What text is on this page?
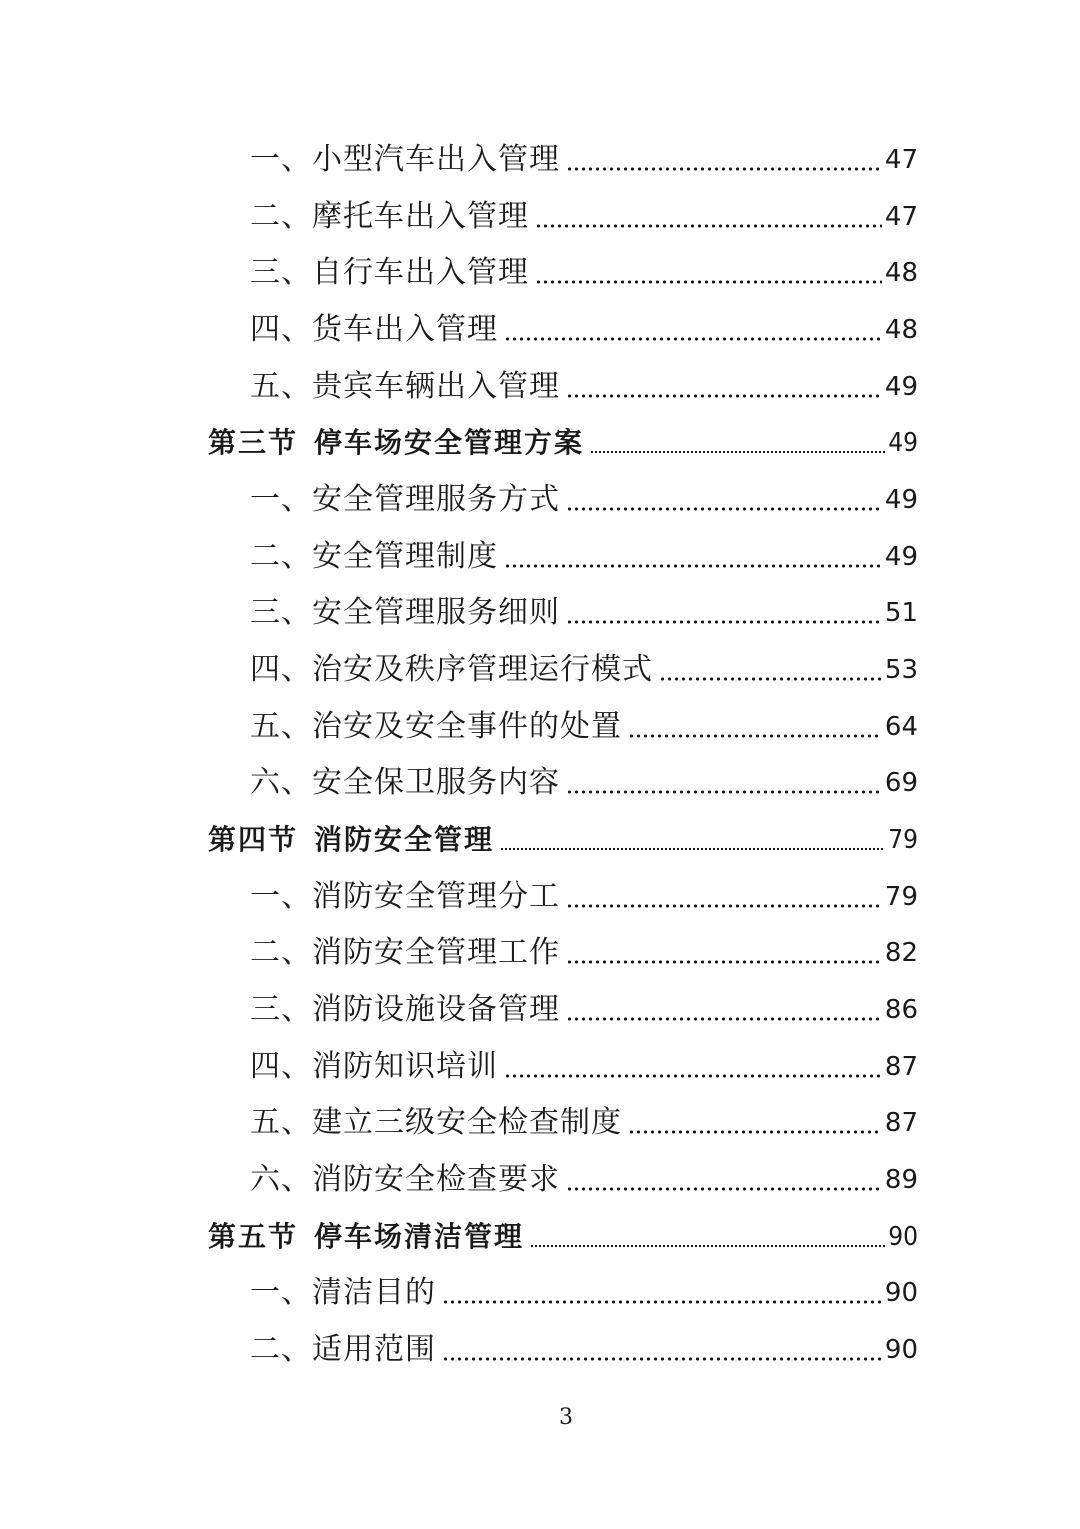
一、小型汽车出入管理	47
二、摩托车出入管理	47
三、自行车出入管理	48
四、货车出入管理	48
五、贵宾车辆出入管理	49
第三节 停车场安全管理方案	49
一、安全管理服务方式	49
二、安全管理制度	49
三、安全管理服务细则	51
四、治安及秩序管理运行模式	53
五、治安及安全事件的处置	64
六、安全保卫服务内容	69
第四节 消防安全管理	79
一、消防安全管理分工	79
二、消防安全管理工作	82
三、消防设施设备管理	86
四、消防知识培训	87
五、建立三级安全检查制度	87
六、消防安全检查要求	89
第五节 停车场清洁管理	90
一、清洁目的	90
二、适用范围	90
3
